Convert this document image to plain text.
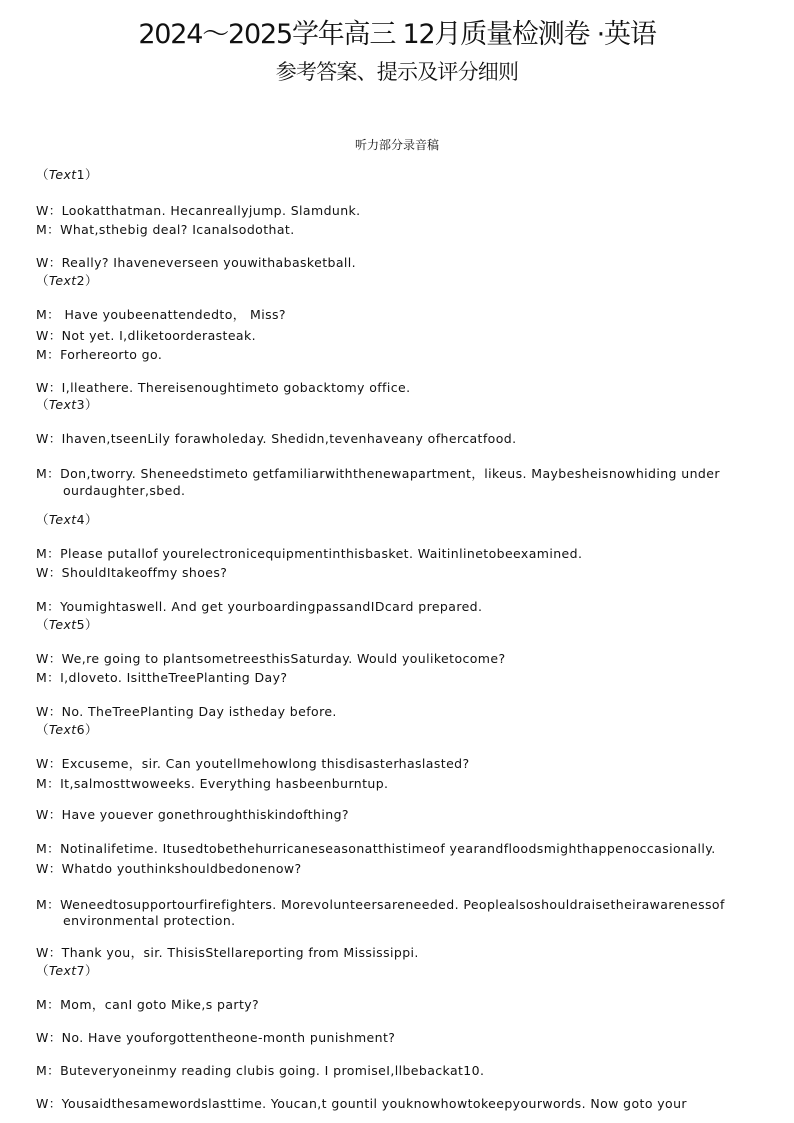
2024～2025学年高三 12月质量检测卷 ·英语
参考答案、提示及评分细则
听力部分录音稿
（Text1）
W：Lookatthatman. Hecanreallyjump. Slamdunk.
M：What,sthebig deal? Icanalsodothat.
W：Really? Ihaveneverseen youwithabasketball.
（Text2）
M： Have youbeenattendedto， Miss?
W：Not yet. I,dliketoorderasteak.
M：Forhereorto go.
W：I,lleathere. Thereisenoughtimeto gobacktomy office.
（Text3）
W：Ihaven,tseenLily forawholeday. Shedidn,tevenhaveany ofhercatfood.
M：Don,tworry. Sheneedstimeto getfamiliarwiththenewapartment，likeus. Maybesheisnowhiding under
ourdaughter,sbed.
（Text4）
M：Please putallof yourelectronicequipmentinthisbasket. Waitinlinetobeexamined.
W：ShouldItakeoffmy shoes?
M：Youmightaswell. And get yourboardingpassandIDcard prepared.
（Text5）
W：We,re going to plantsometreesthisSaturday. Would youliketocome?
M：I,dloveto. IsittheTreePlanting Day?
W：No. TheTreePlanting Day istheday before.
（Text6）
W：Excuseme，sir. Can youtellmehowlong thisdisasterhaslasted?
M：It,salmosttwoweeks. Everything hasbeenburntup.
W：Have youever gonethroughthiskindofthing?
M：Notinalifetime. Itusedtobethehurricaneseasonatthistimeof yearandfloodsmighthappenoccasionally.
W：Whatdo youthinkshouldbedonenow?
M：Weneedtosupportourfirefighters. Morevolunteersareneeded. Peoplealsoshouldraisetheirawarenessof
environmental protection.
W：Thank you，sir. ThisisStellareporting from Mississippi.
（Text7）
M：Mom，canI goto Mike,s party?
W：No. Have youforgottentheone-month punishment?
M：Buteveryoneinmy reading clubis going. I promiseI,llbebackat10.
W：Yousaidthesamewordslasttime. Youcan,t gountil youknowhowtokeepyourwords. Now goto your
